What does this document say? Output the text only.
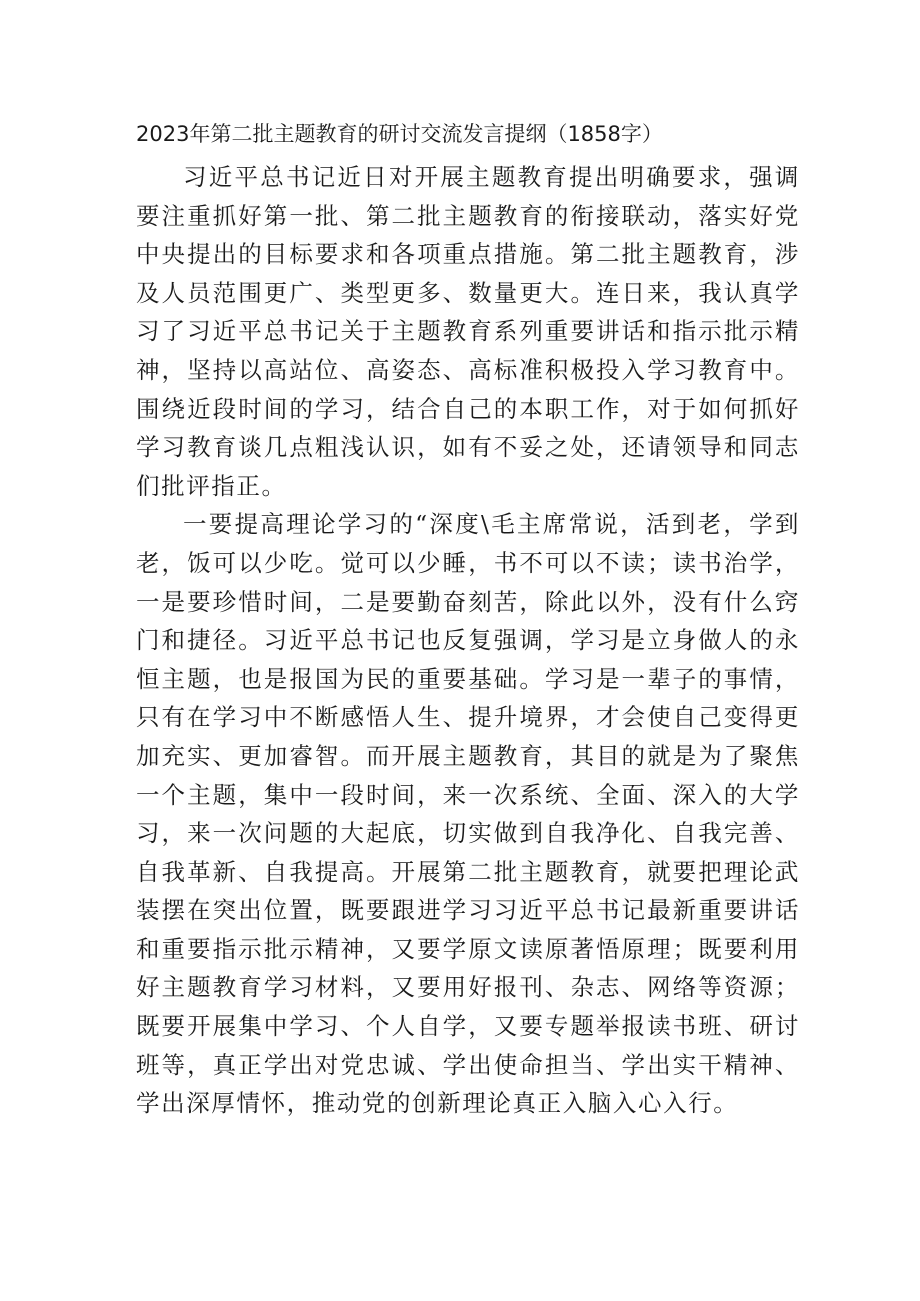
2023年第二批主题教育的研讨交流发言提纲（1858字）

习近平总书记近日对开展主题教育提出明确要求，强调要注重抓好第一批、第二批主题教育的衔接联动，落实好党中央提出的目标要求和各项重点措施。第二批主题教育，涉及人员范围更广、类型更多、数量更大。连日来，我认真学习了习近平总书记关于主题教育系列重要讲话和指示批示精神，坚持以高站位、高姿态、高标准积极投入学习教育中。围绕近段时间的学习，结合自己的本职工作，对于如何抓好学习教育谈几点粗浅认识，如有不妥之处，还请领导和同志们批评指正。

一要提高理论学习的“深度\毛主席常说，活到老，学到老，饭可以少吃。觉可以少睡，书不可以不读；读书治学，一是要珍惜时间，二是要勤奋刻苦，除此以外，没有什么窍门和捷径。习近平总书记也反复强调，学习是立身做人的永恒主题，也是报国为民的重要基础。学习是一辈子的事情，只有在学习中不断感悟人生、提升境界，才会使自己变得更加充实、更加睿智。而开展主题教育，其目的就是为了聚焦一个主题，集中一段时间，来一次系统、全面、深入的大学习，来一次问题的大起底，切实做到自我净化、自我完善、自我革新、自我提高。开展第二批主题教育，就要把理论武装摆在突出位置，既要跟进学习习近平总书记最新重要讲话和重要指示批示精神，又要学原文读原著悟原理；既要利用好主题教育学习材料，又要用好报刊、杂志、网络等资源；既要开展集中学习、个人自学，又要专题举报读书班、研讨班等，真正学出对党忠诚、学出使命担当、学出实干精神、学出深厚情怀，推动党的创新理论真正入脑入心入行。
